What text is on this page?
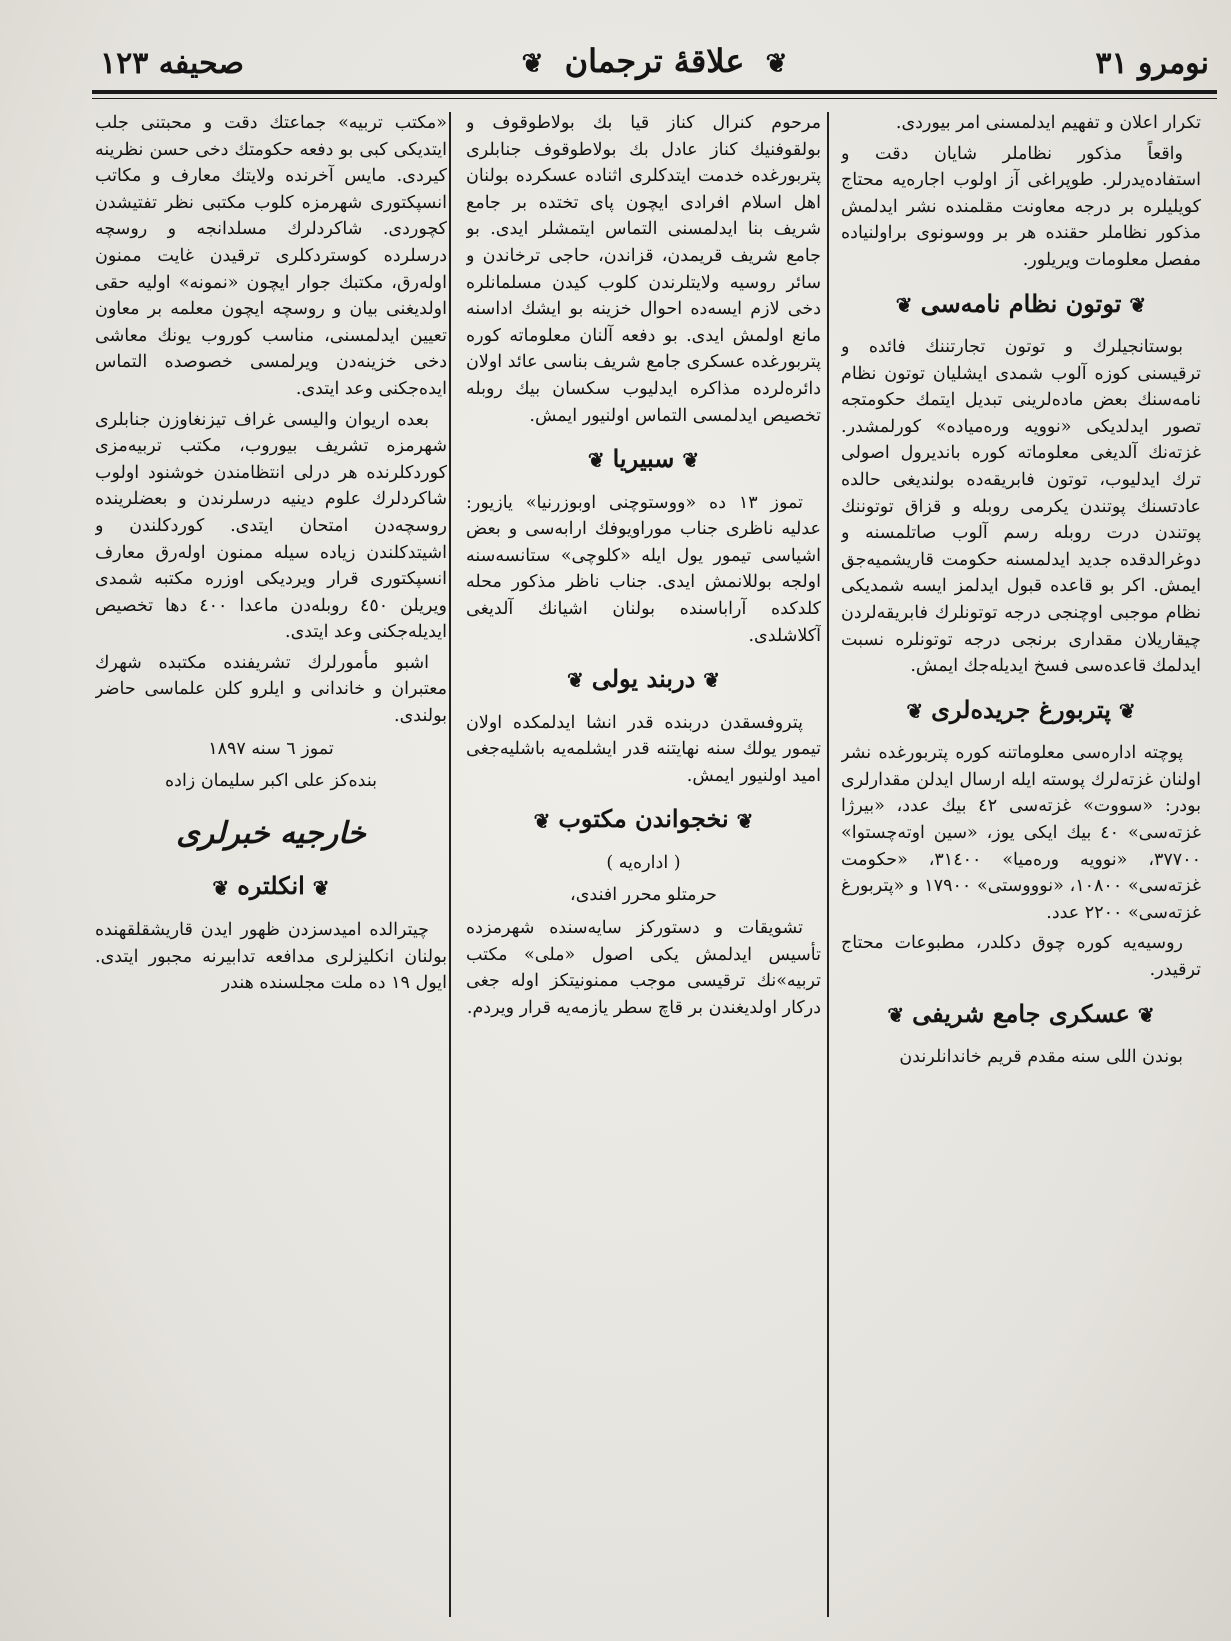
نومرو ٣١
❦ علاقۀ ترجمان ❦
صحيفه ١٢٣

تكرار اعلان و تفهيم ايدلمسنى امر بيوردى.

واقعاً مذكور نظاملر شايان دقت و استفادەيدرلر. طوپراغى آز اولوب اجاره‌يه محتاج كويليلره بر درجه معاونت مقلمنده نشر ايدلمش مذكور نظاملر حقنده هر بر ووسونوى براولنياده مفصل معلومات ويريلور.

❦توتون نظام نامه‌سى❦

بوستانجيلرك و توتون تجارتننك فائده و ترقيسنى كوزه آلوب شمدى ايشليان توتون نظام نامه‌سنك بعض ماده‌لرينى تبديل ايتمك حكومتجه تصور ايدلديكى «نوويه ورەميادە» كورلمشدر. غزته‌نك آلديغى معلوماته كوره باندیرول اصولى ترك ايدليوب، توتون فابريقه‌ده بولنديغى حالده عادتسنك پوتندن يكرمى روبله و قزاق توتوننك پوتندن درت روبله رسم آلوب صاتلمسنه و دوغرالدقده جديد ايدلمسنه حكومت قاريشميه‌جق ايمش. اكر بو قاعده قبول ايدلمز ايسه شمديكى نظام موجبى اوچنجى درجه توتونلرك فابريقه‌لردن چيقاريلان مقدارى برنجى درجه توتونلره نسبت ايدلمك قاعده‌سى فسخ ايديله‌جك ايمش.

❦پتربورغ جريده‌لرى❦

پوچته اداره‌سى معلوماتنه كوره پتربورغده نشر اولنان غزته‌لرك پوسته ايله ارسال ايدلن مقدارلرى بودر: «سووت» غزته‌سى ٤٢ بيك عدد، «بيرژا غزته‌سى» ٤٠ بيك ايكى يوز، «سين اوته‌چستوا» ٣٧٧٠٠، «نوويه ورەميا» ٣١٤٠٠، «حكومت غزته‌سى» ١٠٨٠٠، «نوووستى» ١٧٩٠٠ و «پتربورغ غزته‌سى» ٢٢٠٠ عدد.

روسيه‌يه كوره چوق دكلدر، مطبوعات محتاج ترقيدر.

❦عسكرى جامع شريفى❦

بوندن اللى سنه مقدم قريم خاندانلرندن

مرحوم كنرال كناز قيا بك بولاطوقوف و بولقوفنيك كناز عادل بك بولاطوقوف جنابلرى پتربورغده خدمت ايتدكلرى اثناده عسكرده بولنان اهل اسلام افرادى ايچون پاى تختده بر جامع شريف بنا ايدلمسنى التماس ايتمشلر ايدى. بو جامع شريف قريمدن، قزاندن، حاجى ترخاندن و سائر روسيه ولايتلرندن كلوب كيدن مسلمانلره دخى لازم ايسه‌ده احوال خزينه بو ايشك اداسنه مانع اولمش ايدى. بو دفعه آلنان معلوماته كوره پتربورغده عسكرى جامع شريف بناسى عائد اولان دائره‌لرده مذاكره ايدليوب سكسان بيك روبله تخصيص ايدلمسى التماس اولنيور ايمش.

❦سبيريا❦

تموز ١٣ ده «ووستوچنى اوبوزرنيا» يازيور: عدليه ناظرى جناب موراويوفك ارابه‌سى و بعض اشياسى تيمور يول ايله «كلوچى» ستانسه‌سنه اولجه بوللانمش ايدى. جناب ناظر مذكور محله كلدكده آراباسنده بولنان اشيانك آلديغى آكلاشلدى.

❦دربند يولى❦

پتروفسقدن دربنده قدر انشا ايدلمكده اولان تيمور يولك سنه نهايتنه قدر ايشلمه‌يه باشليه‌جغى اميد اولنيور ايمش.

❦نخجواندن مكتوب❦
( اداره‌يه )
حرمتلو محرر افندى،

تشويقات و دستوركز سايه‌سنده شهرمزده تأسيس ايدلمش يكى اصول «ملى» مكتب تربيه»نك ترقيسى موجب ممنونيتكز اوله جغى درکار اولديغندن بر قاچ سطر يازمه‌يه قرار ويردم.

«مكتب تربيه» جماعتك دقت و محبتنى جلب ايتديكى كبى بو دفعه حكومتك دخى حسن نظرينه كيردى. مايس آخرنده ولايتك معارف و مكاتب انسپكتورى شهرمزه كلوب مكتبى نظر تفتيشدن كچوردى. شاكردلرك مسلدانجه و روسچه درسلرده كوستردكلرى ترقيدن غايت ممنون اولەرق، مكتبك جوار ايچون «نمونه» اوليه حقى اولديغنى بيان و روسچه ايچون معلمه بر معاون تعيين ايدلمسنى، مناسب كوروب يونك معاشى دخى خزينه‌دن ويرلمسى خصوصده التماس ايده‌جكنى وعد ايتدى.

بعده اريوان واليسى غراف تيزنغاوزن جنابلرى شهرمزه تشريف بيوروب، مكتب تربيه‌مزى كوردكلرنده هر درلى انتظامندن خوشنود اولوب شاكردلرك علوم دينيه درسلرندن و بعضلرينده روسچه‌دن امتحان ايتدى. كوردكلندن و اشيتدكلندن زياده سيله ممنون اولەرق معارف انسپكتورى قرار ويرديكى اوزره مكتبه شمدى ويريلن ٤٥٠ روبله‌دن ماعدا ٤٠٠ دها تخصيص ايديله‌جكنى وعد ايتدى.

اشبو مأمورلرك تشريفنده مكتبده شهرك معتبران و خاندانى و ايلرو كلن علماسى حاضر بولندى.

تموز ٦ سنه ١٨٩٧
بنده‌كز على اكبر سليمان زاده
خارجيه خبرلرى
❦انكلتره❦

چيترالده اميدسزدن ظهور ايدن قاريشقلقهنده بولنان انكليزلرى مدافعه تدابيرنه مجبور ايتدى. ايول ١٩ ده ملت مجلسنده هندر
